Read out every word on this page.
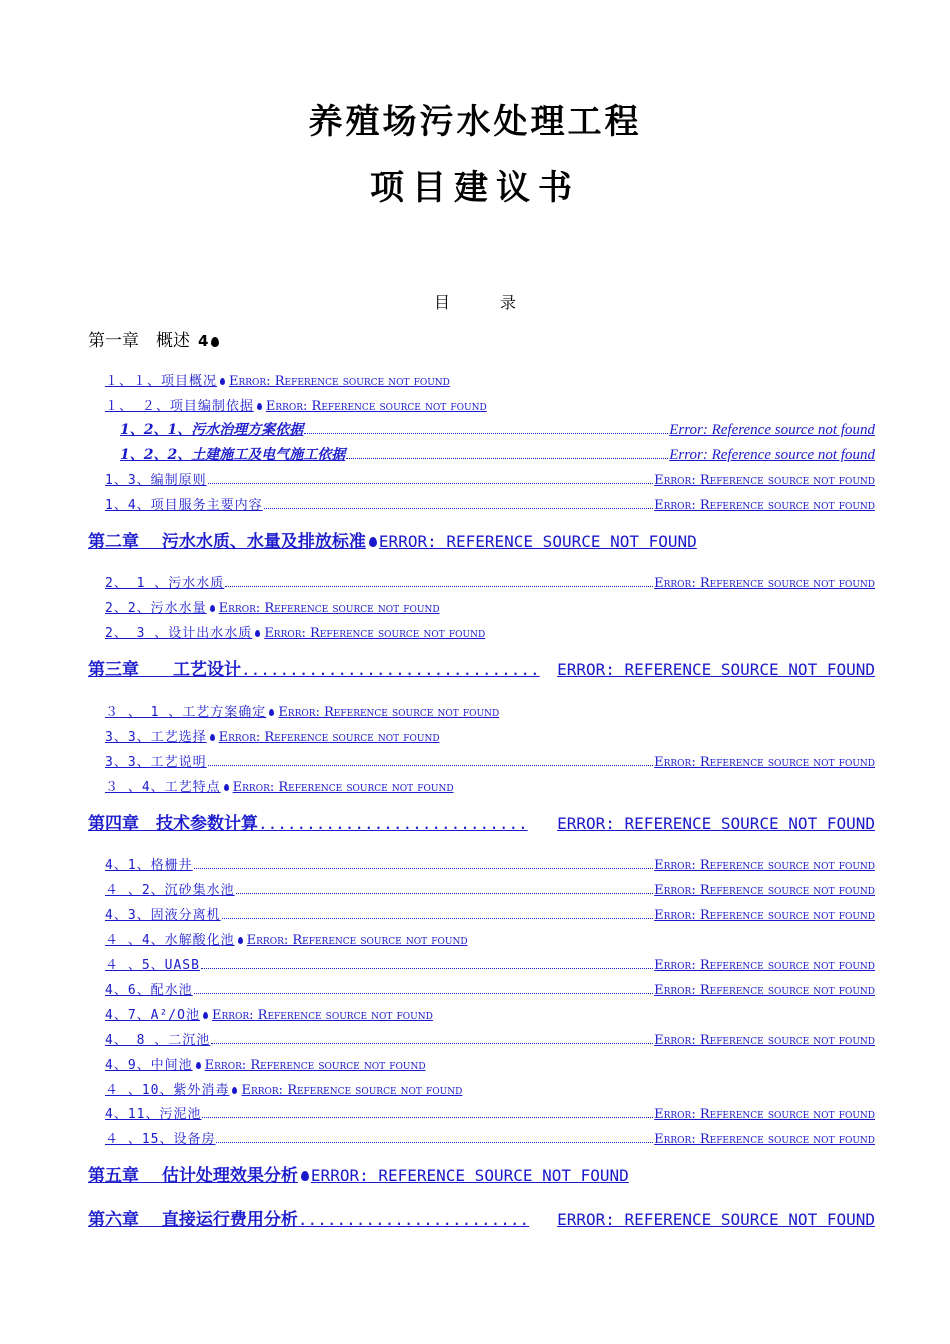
养殖场污水处理工程
项目建议书
目	录
第一章　概述 4
１、１、项目概况 Error: Reference source not found
１、 ２、项目编制依据 Error: Reference source not found
1、2、1、污水治理方案依据	Error: Reference source not found
1、2、2、土建施工及电气施工依据	Error: Reference source not found
1、3、编制原则	Error: Reference source not found
1、4、项目服务主要内容	Error: Reference source not found
第二章　 污水水质、水量及排放标准 ERROR: REFERENCE SOURCE NOT FOUND
2、 1 、污水水质	Error: Reference source not found
2、2、污水水量 Error: Reference source not found
2、 3 、设计出水水质 Error: Reference source not found
第三章　　工艺设计 ...............................	ERROR: REFERENCE SOURCE NOT FOUND
３ 、 1 、工艺方案确定 Error: Reference source not found
3、3、工艺选择 Error: Reference source not found
3、3、工艺说明	Error: Reference source not found
３ 、4、工艺特点 Error: Reference source not found
第四章　技术参数计算 ............................	ERROR: REFERENCE SOURCE NOT FOUND
4、1、格栅井	Error: Reference source not found
４ 、2、沉砂集水池	Error: Reference source not found
4、3、固液分离机	Error: Reference source not found
４ 、4、水解酸化池 Error: Reference source not found
４ 、5、UASB	Error: Reference source not found
4、6、配水池	Error: Reference source not found
4、7、A²/O池 Error: Reference source not found
4、 8 、二沉池	Error: Reference source not found
4、9、中间池 Error: Reference source not found
４ 、10、紫外消毒 Error: Reference source not found
4、11、污泥池	Error: Reference source not found
４ 、15、设备房	Error: Reference source not found
第五章　 估计处理效果分析 ERROR: REFERENCE SOURCE NOT FOUND
第六章　 直接运行费用分析 ........................	ERROR: REFERENCE SOURCE NOT FOUND
